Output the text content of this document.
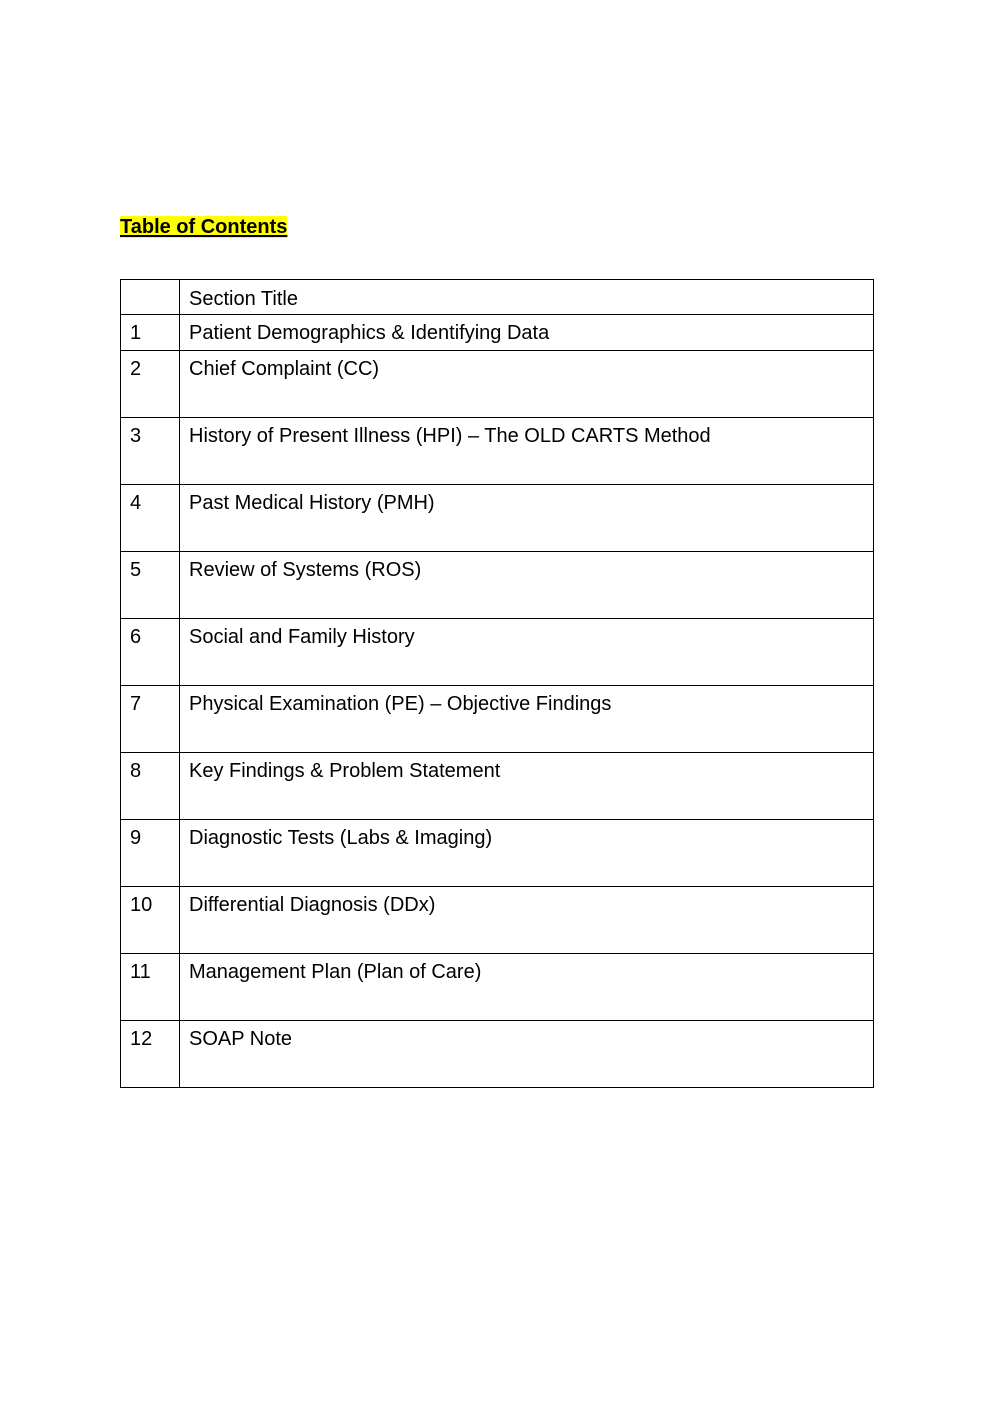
Table of Contents
	Section Title
1	Patient Demographics & Identifying Data
2	Chief Complaint (CC)
3	History of Present Illness (HPI) – The OLD CARTS Method
4	Past Medical History (PMH)
5	Review of Systems (ROS)
6	Social and Family History
7	Physical Examination (PE) – Objective Findings
8	Key Findings & Problem Statement
9	Diagnostic Tests (Labs & Imaging)
10	Differential Diagnosis (DDx)
11	Management Plan (Plan of Care)
12	SOAP Note
